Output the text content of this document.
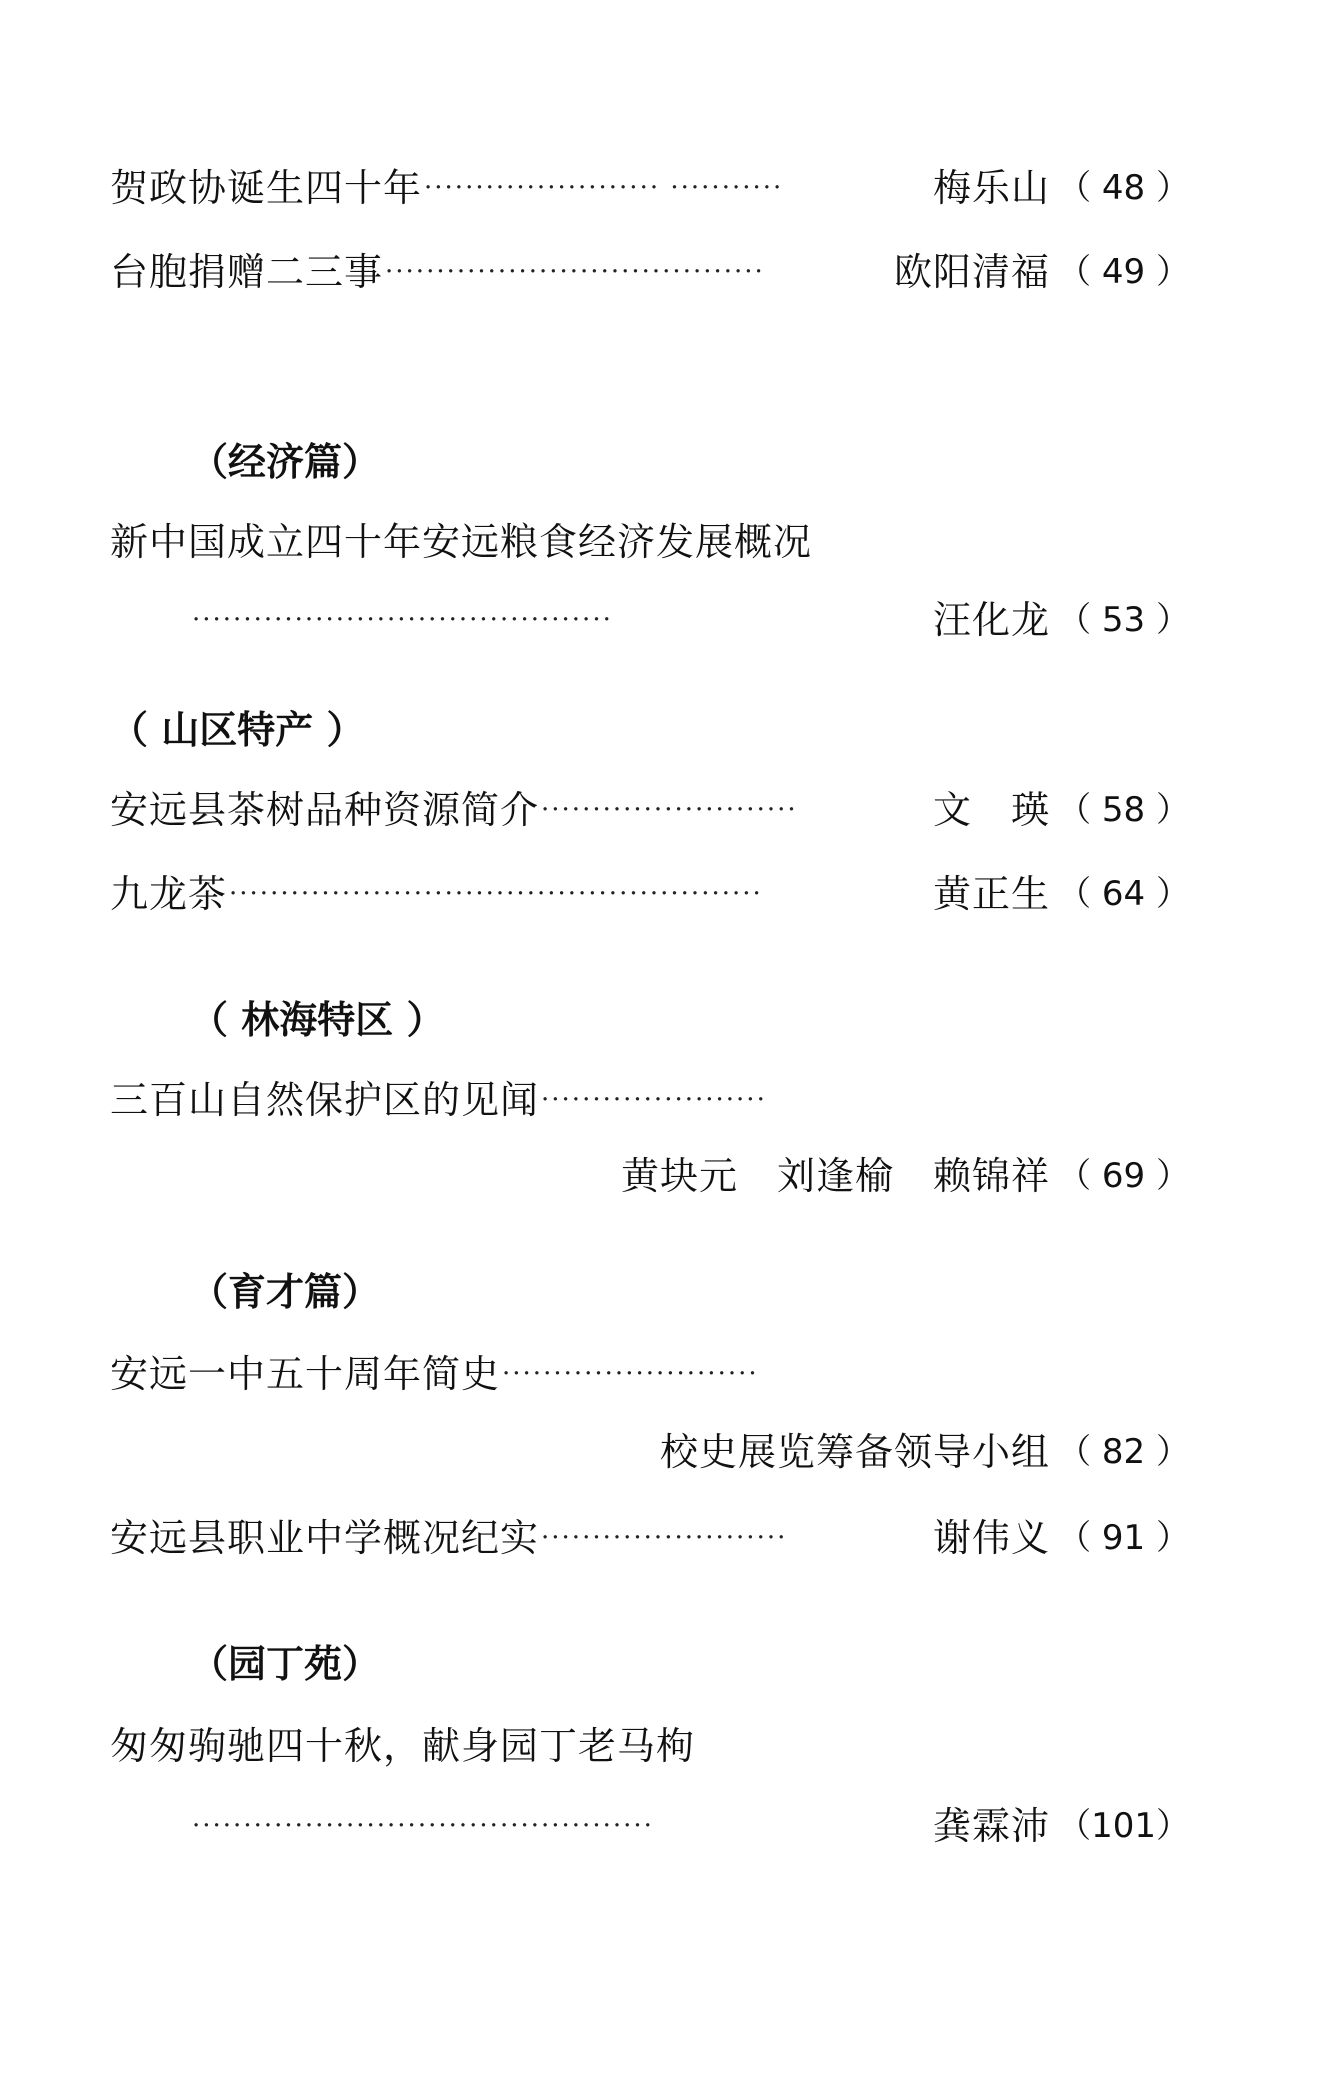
贺政协诞生四十年 ······················· ···········	梅乐山 （ 48 ）
台胞捐赠二三事 ·····································	欧阳清福 （ 49 ）
（经济篇）
新中国成立四十年安远粮食经济发展概况
·········································	汪化龙 （ 53 ）
（ 山区特产 ）
安远县茶树品种资源简介 ·························	文　瑛 （ 58 ）
九龙茶 ····················································	黄正生 （ 64 ）
（ 林海特区 ）
三百山自然保护区的见闻 ······················
黄块元　刘逢榆　赖锦祥 （ 69 ）
（育才篇）
安远一中五十周年简史 ·························
校史展览筹备领导小组 （ 82 ）
安远县职业中学概况纪实 ························	谢伟义 （ 91 ）
（园丁苑）
匆匆驹驰四十秋，献身园丁老马枸
·············································	龚霖沛 （101）
